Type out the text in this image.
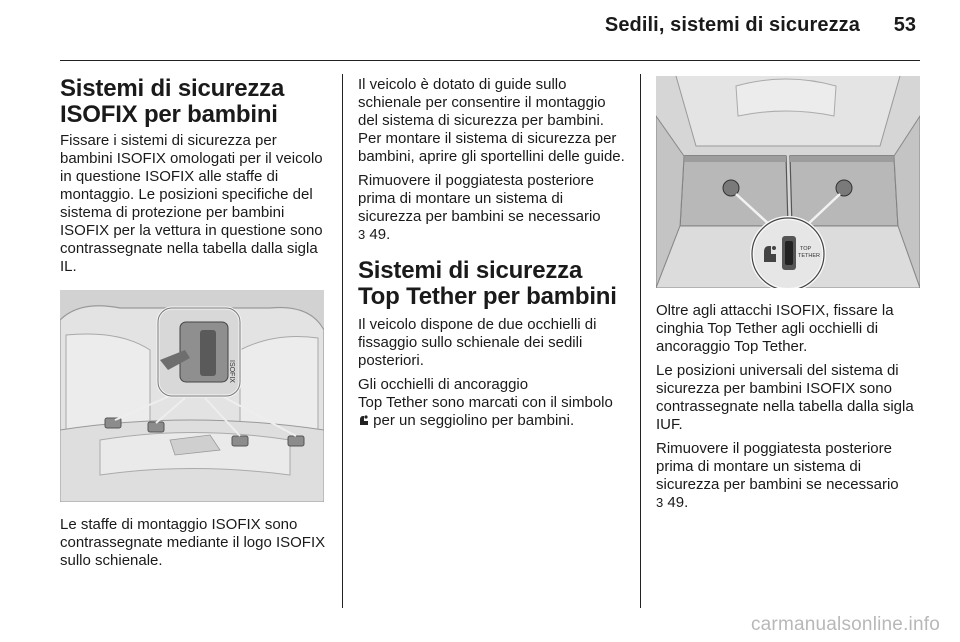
Sedili, sistemi di sicurezza	53
Sistemi di sicurezza ISOFIX per bambini

Fissare i sistemi di sicurezza per bambini ISOFIX omologati per il veicolo in questione ISOFIX alle staffe di montaggio. Le posizioni specifiche del sistema di protezione per bambini ISOFIX per la vettura in questione sono contrassegnate nella tabella dalla sigla IL.

ISOFIX

Le staffe di montaggio ISOFIX sono contrassegnate mediante il logo ISOFIX sullo schienale.

Il veicolo è dotato di guide sullo schienale per consentire il montaggio del sistema di sicurezza per bambini. Per montare il sistema di sicurezza per bambini, aprire gli sportellini delle guide.

Rimuovere il poggiatesta posteriore prima di montare un sistema di sicurezza per bambini se necessario
3 49.

Sistemi di sicurezza Top Tether per bambini

Il veicolo dispone de due occhielli di fissaggio sullo schienale dei sedili posteriori.

Gli occhielli di ancoraggio
Top Tether sono marcati con il simbolo  per un seggiolino per bambini.

TOP
TETHER

Oltre agli attacchi ISOFIX, fissare la cinghia Top Tether agli occhielli di ancoraggio Top Tether.

Le posizioni universali del sistema di sicurezza per bambini ISOFIX sono contrassegnate nella tabella dalla sigla IUF.

Rimuovere il poggiatesta posteriore prima di montare un sistema di sicurezza per bambini se necessario
3 49.

carmanualsonline.info
